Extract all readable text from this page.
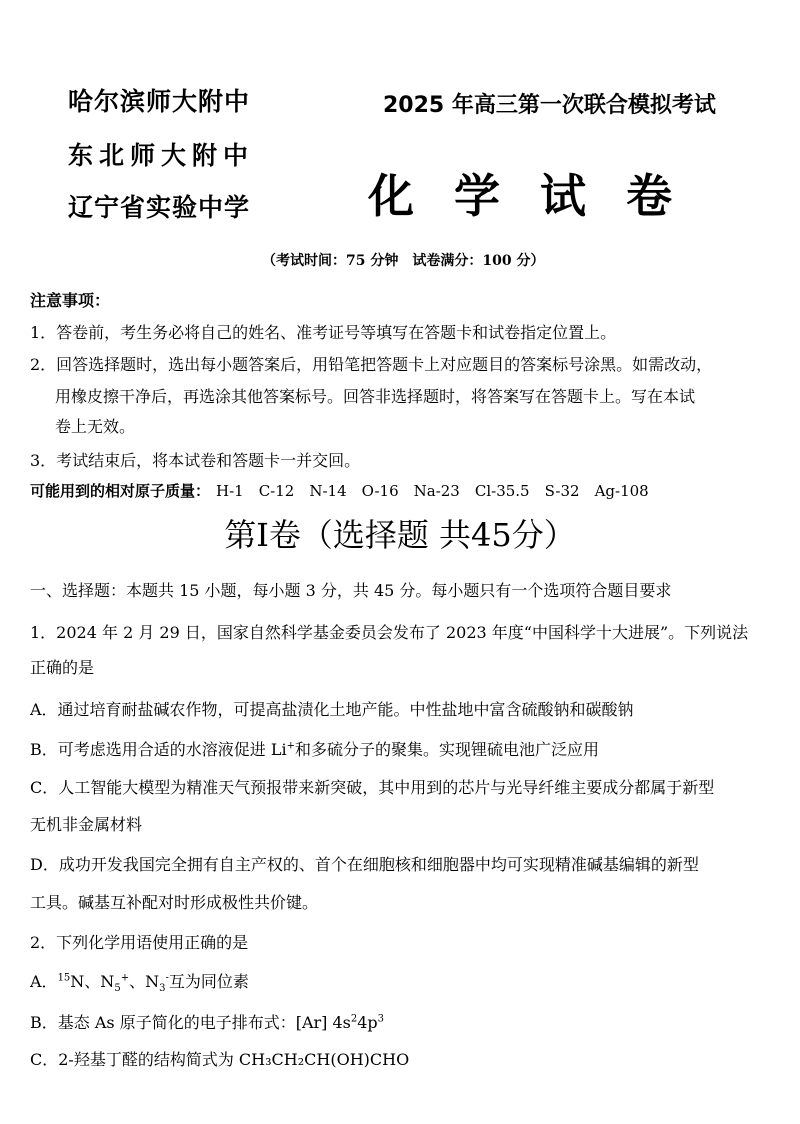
哈尔滨师大附中
东北师大附中
辽宁省实验中学
2025 年高三第一次联合模拟考试
化学试卷
（考试时间：75 分钟　试卷满分：100 分）
注意事项：
1．答卷前，考生务必将自己的姓名、准考证号等填写在答题卡和试卷指定位置上。
2．回答选择题时，选出每小题答案后，用铅笔把答题卡上对应题目的答案标号涂黑。如需改动，
用橡皮擦干净后，再选涂其他答案标号。回答非选择题时，将答案写在答题卡上。写在本试
卷上无效。
3．考试结束后，将本试卷和答题卡一并交回。
可能用到的相对原子质量： H-1　C-12　N-14　O-16　Na-23　Cl-35.5　S-32　Ag-108
第Ⅰ卷（选择题 共45分）
一、选择题：本题共 15 小题，每小题 3 分，共 45 分。每小题只有一个选项符合题目要求
1．2024 年 2 月 29 日，国家自然科学基金委员会发布了 2023 年度“中国科学十大进展”。下列说法
正确的是
A．通过培育耐盐碱农作物，可提高盐渍化土地产能。中性盐地中富含硫酸钠和碳酸钠
B．可考虑选用合适的水溶液促进 Li+和多硫分子的聚集。实现锂硫电池广泛应用
C．人工智能大模型为精准天气预报带来新突破，其中用到的芯片与光导纤维主要成分都属于新型
无机非金属材料
D．成功开发我国完全拥有自主产权的、首个在细胞核和细胞器中均可实现精准碱基编辑的新型
工具。碱基互补配对时形成极性共价键。
2．下列化学用语使用正确的是
A．$^{15}$N、$N_5^+$、$N_3^-$互为同位素
B．基态 As 原子简化的电子排布式：[Ar] $4s^24p^3$
C．2-羟基丁醛的结构简式为 CH₃CH₂CH(OH)CHO
